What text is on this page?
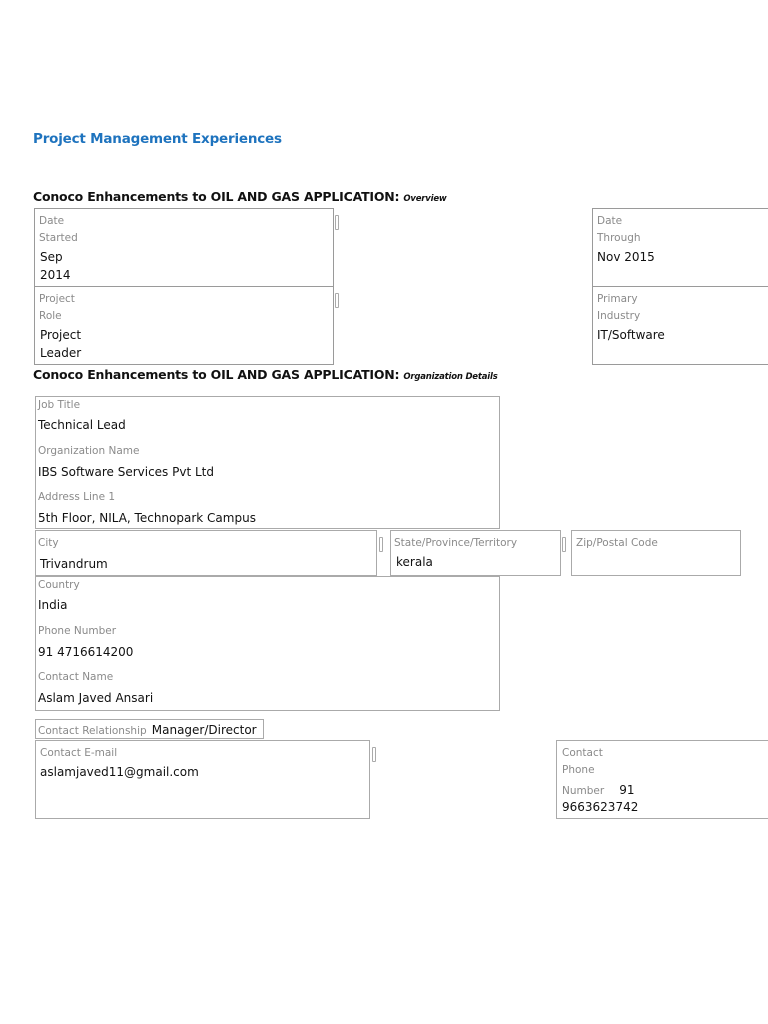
Project Management Experiences
Conoco Enhancements to OIL AND GAS APPLICATION: Overview
Date
Started
Sep
2014
Date
Through
Nov 2015
Project
Role
Project
Leader
Primary
Industry
IT/Software
Conoco Enhancements to OIL AND GAS APPLICATION: Organization Details
Job Title
Technical Lead
Organization Name
IBS Software Services Pvt Ltd
Address Line 1
5th Floor, NILA, Technopark Campus
City
Trivandrum
State/Province/Territory
kerala
Zip/Postal Code
Country
India
Phone Number
91 4716614200
Contact Name
Aslam Javed Ansari
Contact Relationship Manager/Director
Contact E-mail
aslamjaved11@gmail.com
Contact
Phone
Number 91
9663623742
